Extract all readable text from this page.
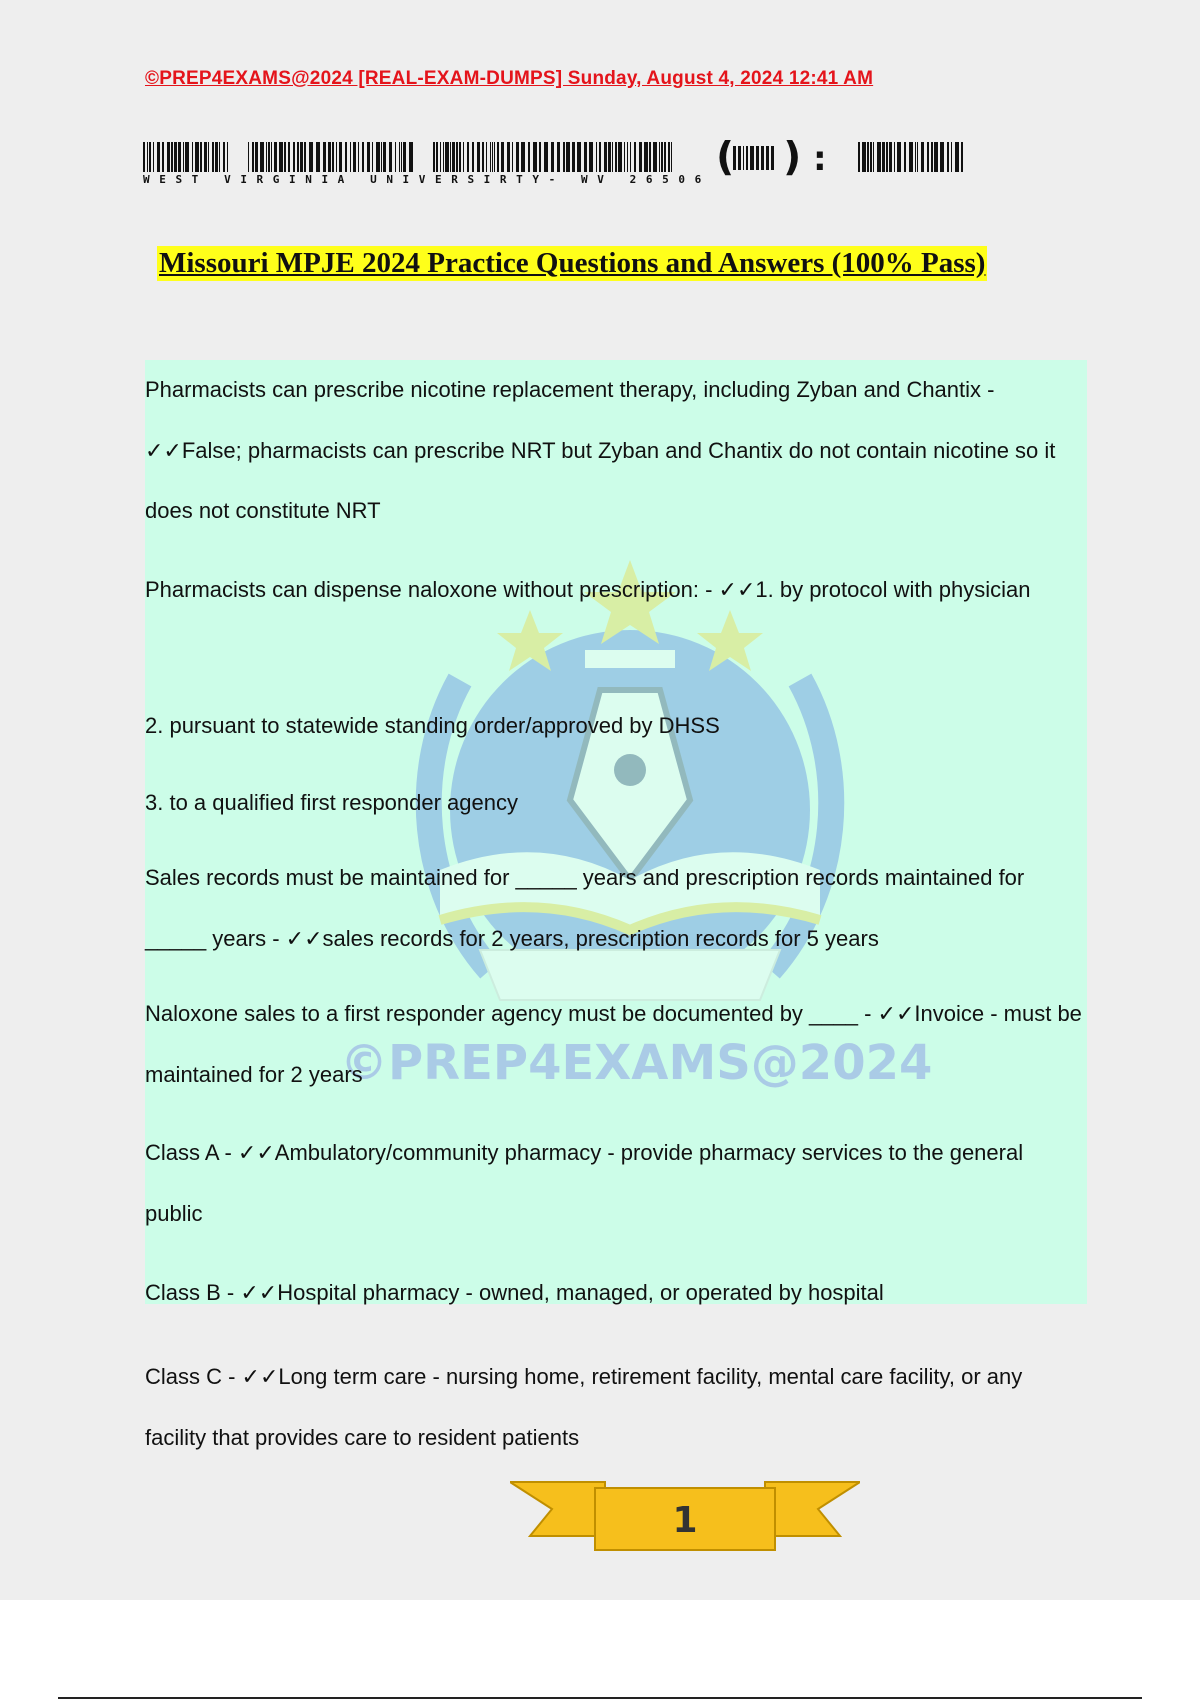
©PREP4EXAMS@2024 [REAL-EXAM-DUMPS] Sunday, August 4, 2024 12:41 AM
( ) :
WEST VIRGINIA UNIVERSIRTY- WV 26506
Missouri MPJE 2024 Practice Questions and Answers (100% Pass)
©PREP4EXAMS@2024

Pharmacists can prescribe nicotine replacement therapy, including Zyban and Chantix - ✓✓False; pharmacists can prescribe NRT but Zyban and Chantix do not contain nicotine so it does not constitute NRT

Pharmacists can dispense naloxone without prescription: - ✓✓1. by protocol with physician

2. pursuant to statewide standing order/approved by DHSS

3. to a qualified first responder agency

Sales records must be maintained for _____ years and prescription records maintained for _____ years - ✓✓sales records for 2 years, prescription records for 5 years

Naloxone sales to a first responder agency must be documented by ____ - ✓✓Invoice - must be maintained for 2 years

Class A - ✓✓Ambulatory/community pharmacy - provide pharmacy services to the general public

Class B - ✓✓Hospital pharmacy - owned, managed, or operated by hospital

Class C - ✓✓Long term care - nursing home, retirement facility, mental care facility, or any facility that provides care to resident patients

1
